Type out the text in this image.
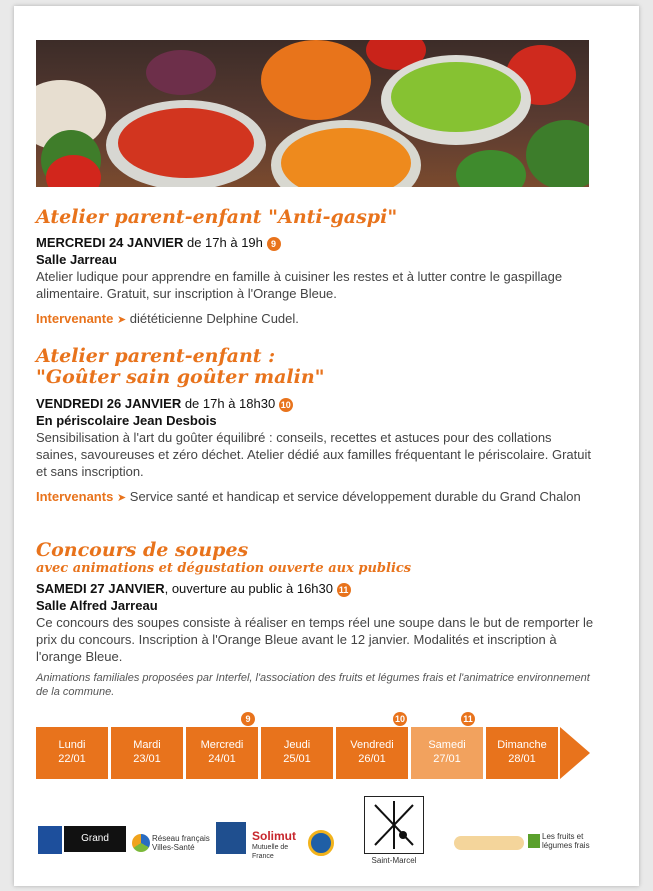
Atelier parent-enfant "Anti-gaspi"
MERCREDI 24 JANVIER de 17h à 19h 9
Salle Jarreau
Atelier ludique pour apprendre en famille à cuisiner les restes et à lutter contre le gaspillage alimentaire. Gratuit, sur inscription à l'Orange Bleue.
Intervenante ➤ diététicienne Delphine Cudel.
Atelier parent-enfant :
"Goûter sain goûter malin"
VENDREDI 26 JANVIER de 17h à 18h30 10
En périscolaire Jean Desbois
Sensibilisation à l'art du goûter équilibré : conseils, recettes et astuces pour des collations saines, savoureuses et zéro déchet. Atelier dédié aux familles fréquentant le périscolaire. Gratuit et sans inscription.
Intervenants ➤ Service santé et handicap et service développement durable du Grand Chalon
Concours de soupes
avec animations et dégustation ouverte aux publics
SAMEDI 27 JANVIER, ouverture au public à 16h30 11
Salle Alfred Jarreau
Ce concours des soupes consiste à réaliser en temps réel une soupe dans le but de remporter le prix du concours. Inscription à l'Orange Bleue avant le 12 janvier. Modalités et inscription à l'orange Bleue.
Animations familiales proposées par Interfel, l'association des fruits et légumes frais et l'animatrice environnement de la commune.
9	10	11
Lundi
22/01
Mardi
23/01
Mercredi
24/01
Jeudi
25/01
Vendredi
26/01
Samedi
27/01
Dimanche
28/01
Grand Chalon
Réseau français Villes-Santé
Solimut
Mutuelle de France	Saint-Marcel
Les fruits et légumes frais
